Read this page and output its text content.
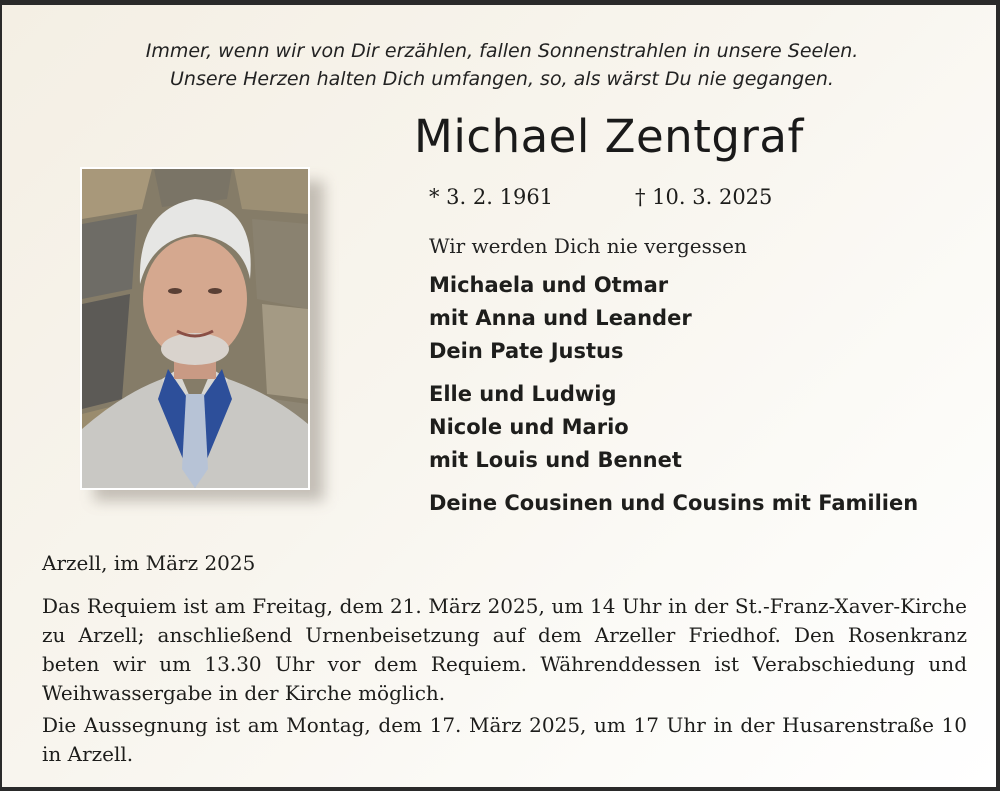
Immer, wenn wir von Dir erzählen, fallen Sonnenstrahlen in unsere Seelen.
Unsere Herzen halten Dich umfangen, so, als wärst Du nie gegangen.
Michael Zentgraf
* 3. 2. 1961	† 10. 3. 2025
Wir werden Dich nie vergessen
Michaela und Otmar
mit Anna und Leander
Dein Pate Justus
Elle und Ludwig
Nicole und Mario
mit Louis und Bennet
Deine Cousinen und Cousins mit Familien
Arzell, im März 2025
Das Requiem ist am Freitag, dem 21. März 2025, um 14 Uhr in der St.-Franz-Xaver-Kirche zu Arzell; anschließend Urnenbeisetzung auf dem Arzeller Friedhof. Den Rosenkranz beten wir um 13.30 Uhr vor dem Requiem. Währenddessen ist Verabschiedung und Weihwassergabe in der Kirche möglich.
Die Aussegnung ist am Montag, dem 17. März 2025, um 17 Uhr in der Husarenstraße 10 in Arzell.
